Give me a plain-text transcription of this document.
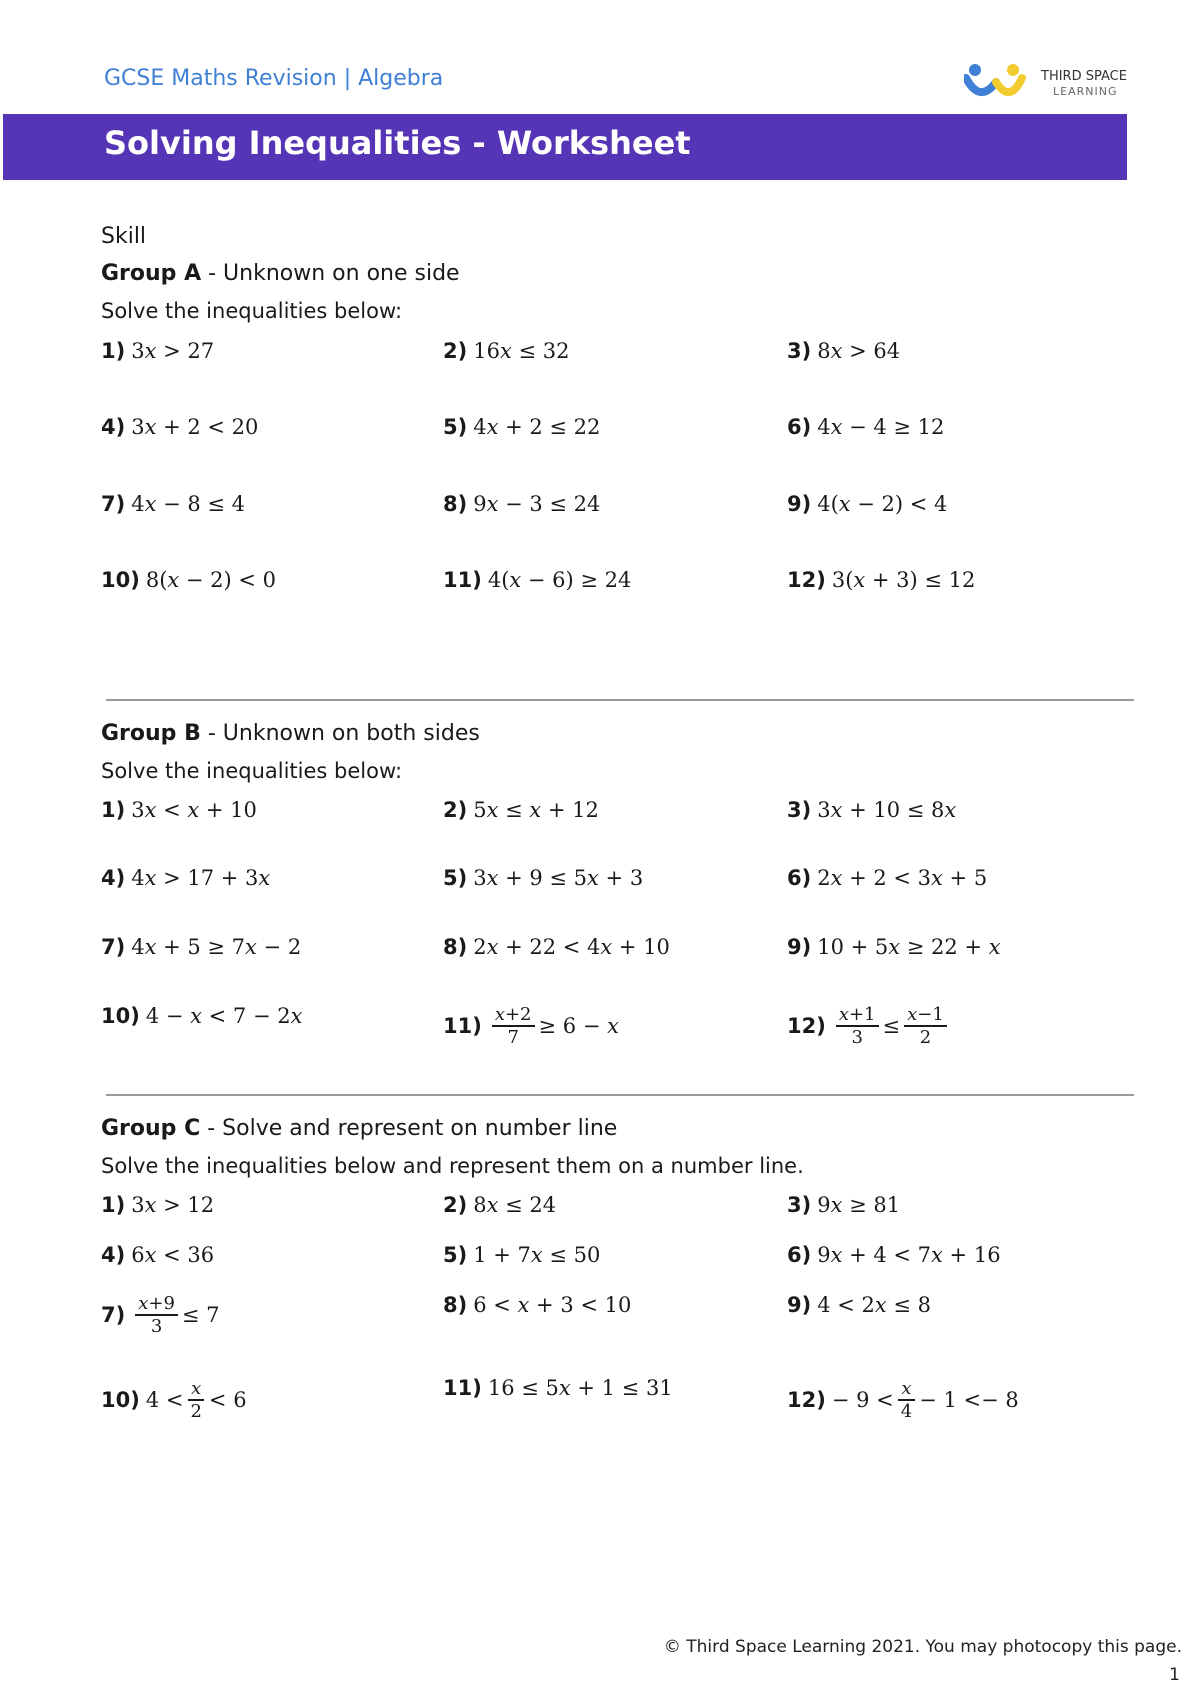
GCSE Maths Revision | Algebra	THIRD SPACE
LEARNING
Solving Inequalities - Worksheet
Skill
Group A - Unknown on one side
Solve the inequalities below:
1) 3𝑥 > 27	2) 16𝑥 ≤ 32	3) 8𝑥 > 64
4) 3𝑥 + 2 < 20	5) 4𝑥 + 2 ≤ 22	6) 4𝑥 − 4 ≥ 12
7) 4𝑥 − 8 ≤ 4	8) 9𝑥 − 3 ≤ 24	9) 4(𝑥 − 2) < 4
10) 8(𝑥 − 2) < 0	11) 4(𝑥 − 6) ≥ 24	12) 3(𝑥 + 3) ≤ 12
Group B - Unknown on both sides
Solve the inequalities below:
1) 3𝑥 < 𝑥 + 10	2) 5𝑥 ≤ 𝑥 + 12	3) 3𝑥 + 10 ≤ 8𝑥
4) 4𝑥 > 17 + 3𝑥	5) 3𝑥 + 9 ≤ 5𝑥 + 3	6) 2𝑥 + 2 < 3𝑥 + 5
7) 4𝑥 + 5 ≥ 7𝑥 − 2	8) 2𝑥 + 22 < 4𝑥 + 10	9) 10 + 5𝑥 ≥ 22 + 𝑥
10) 4 − 𝑥 < 7 − 2𝑥	$11) \frac{\text{𝑥+2}}{7} \ge 6$ − 𝑥	$12) \frac{\text{𝑥+1}}{3} \le \frac{\text{𝑥−1}}{2}$
Group C - Solve and represent on number line
Solve the inequalities below and represent them on a number line.
1) 3𝑥 > 12	2) 8𝑥 ≤ 24	3) 9𝑥 ≥ 81
4) 6𝑥 < 36	5) 1 + 7𝑥 ≤ 50	6) 9𝑥 + 4 < 7𝑥 + 16
$7) \frac{\text{𝑥+9}}{3} \le 7$	8) 6 < 𝑥 + 3 < 10	9) 4 < 2𝑥 ≤ 8
10) $4 < \frac{\text{𝑥}}{2} < 6$	11) 16 ≤ 5𝑥 + 1 ≤ 31	$12) - 9 < \frac{\text{𝑥}}{4} - 1 <- 8$
© Third Space Learning 2021. You may photocopy this page.
1
